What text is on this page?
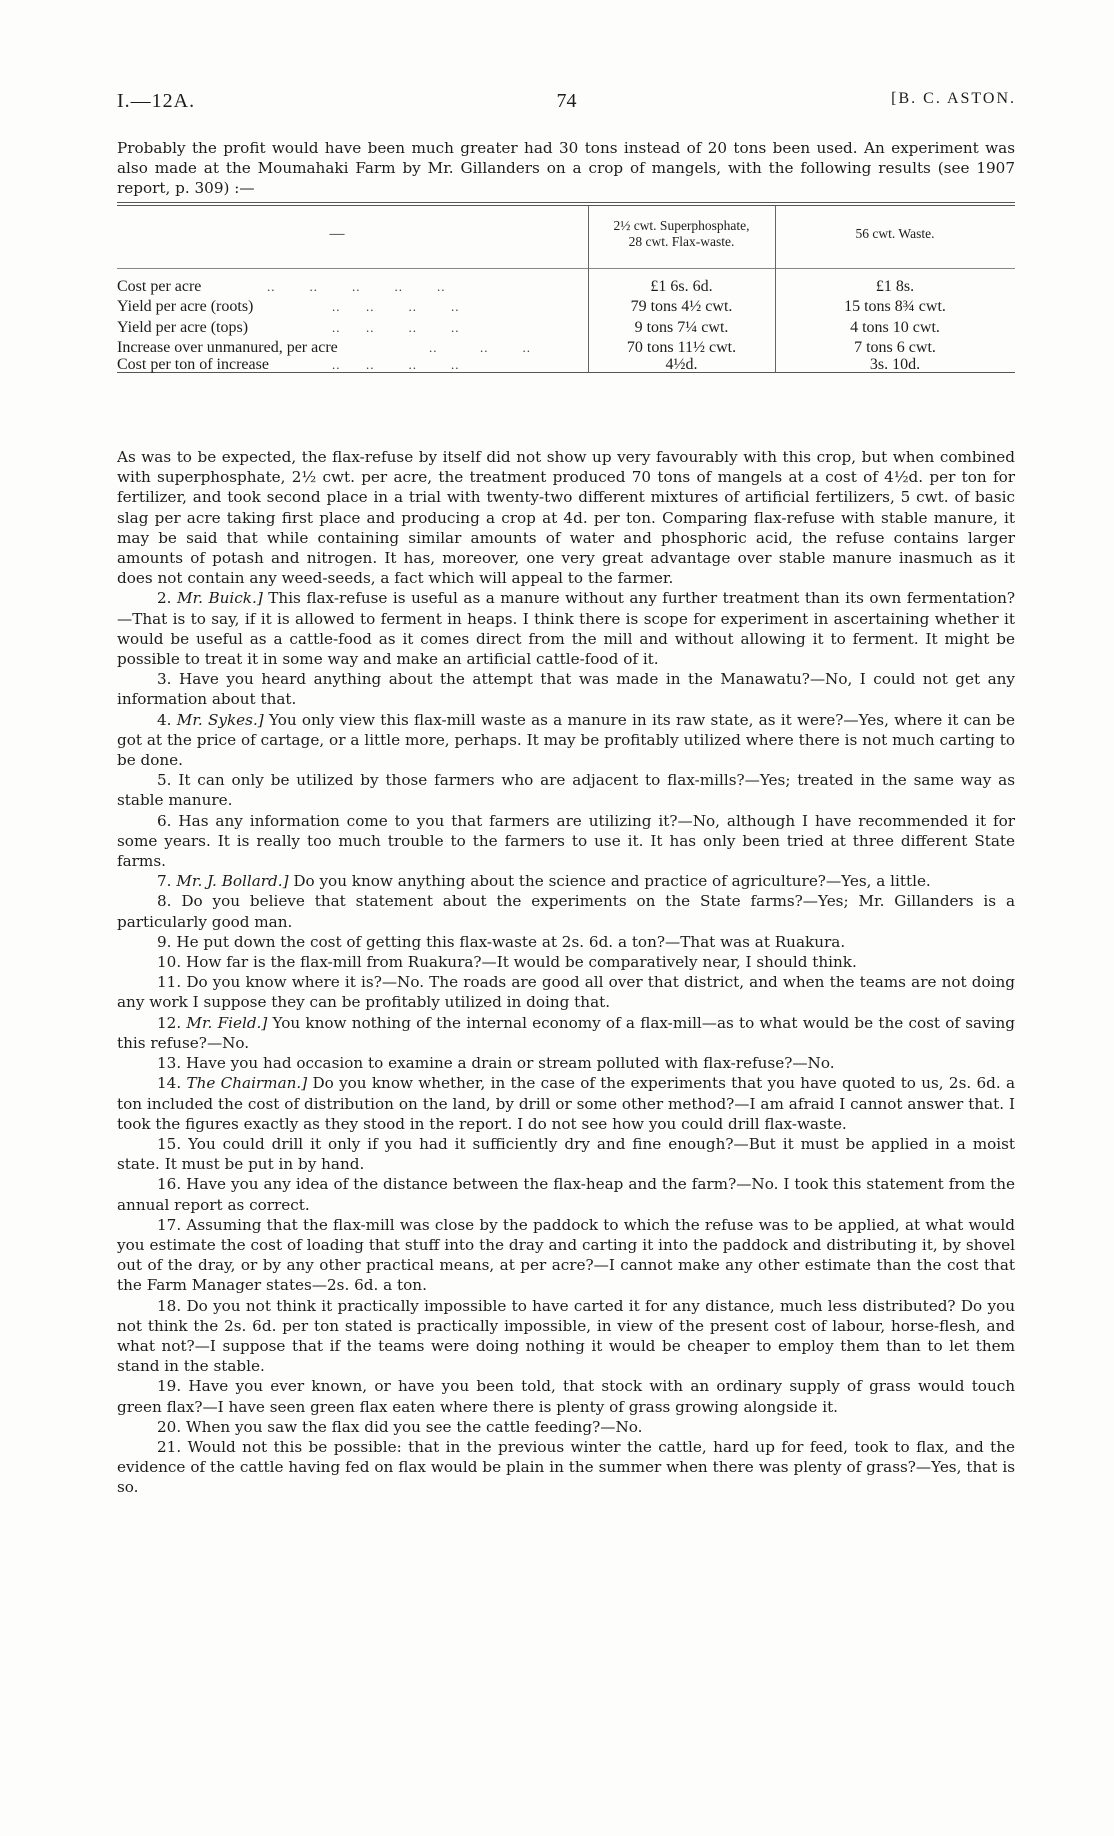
I.—12A.	74	[B. C. ASTON.

Probably the profit would have been much greater had 30 tons instead of 20 tons been used. An experiment was also made at the Moumahaki Farm by Mr. Gillanders on a crop of mangels, with the following results (see 1907 report, p. 309) :—

—
2½ cwt. Superphosphate,
28 cwt. Flax-waste.
56 cwt. Waste.
Cost per acre
Yield per acre (roots)
Yield per acre (tops)
Increase over unmanured, per acre
Cost per ton of increase
..        ..        ..        ..        ..
..      ..        ..        ..
..      ..        ..        ..
..          ..        ..
..      ..        ..        ..
£1 6s. 6d.
79 tons 4½ cwt.
9 tons 7¼ cwt.
70 tons 11½ cwt.
4½d.
£1 8s.
15 tons 8¾ cwt.
4 tons 10 cwt.
7 tons 6 cwt.
3s. 10d.

As was to be expected, the flax-refuse by itself did not show up very favourably with this crop, but when combined with superphosphate, 2½ cwt. per acre, the treatment produced 70 tons of mangels at a cost of 4½d. per ton for fertilizer, and took second place in a trial with twenty-two different mixtures of artificial fertilizers, 5 cwt. of basic slag per acre taking first place and producing a crop at 4d. per ton. Comparing flax-refuse with stable manure, it may be said that while containing similar amounts of water and phosphoric acid, the refuse contains larger amounts of potash and nitrogen. It has, moreover, one very great advantage over stable manure inasmuch as it does not contain any weed-seeds, a fact which will appeal to the farmer.

2. Mr. Buick.] This flax-refuse is useful as a manure without any further treatment than its own fermentation?—That is to say, if it is allowed to ferment in heaps. I think there is scope for experiment in ascertaining whether it would be useful as a cattle-food as it comes direct from the mill and without allowing it to ferment. It might be possible to treat it in some way and make an artificial cattle-food of it.

3. Have you heard anything about the attempt that was made in the Manawatu?—No, I could not get any information about that.

4. Mr. Sykes.] You only view this flax-mill waste as a manure in its raw state, as it were?—Yes, where it can be got at the price of cartage, or a little more, perhaps. It may be profitably utilized where there is not much carting to be done.

5. It can only be utilized by those farmers who are adjacent to flax-mills?—Yes; treated in the same way as stable manure.

6. Has any information come to you that farmers are utilizing it?—No, although I have recommended it for some years. It is really too much trouble to the farmers to use it. It has only been tried at three different State farms.

7. Mr. J. Bollard.] Do you know anything about the science and practice of agriculture?—Yes, a little.

8. Do you believe that statement about the experiments on the State farms?—Yes; Mr. Gillanders is a particularly good man.

9. He put down the cost of getting this flax-waste at 2s. 6d. a ton?—That was at Ruakura.

10. How far is the flax-mill from Ruakura?—It would be comparatively near, I should think.

11. Do you know where it is?—No. The roads are good all over that district, and when the teams are not doing any work I suppose they can be profitably utilized in doing that.

12. Mr. Field.] You know nothing of the internal economy of a flax-mill—as to what would be the cost of saving this refuse?—No.

13. Have you had occasion to examine a drain or stream polluted with flax-refuse?—No.

14. The Chairman.] Do you know whether, in the case of the experiments that you have quoted to us, 2s. 6d. a ton included the cost of distribution on the land, by drill or some other method?—I am afraid I cannot answer that. I took the figures exactly as they stood in the report. I do not see how you could drill flax-waste.

15. You could drill it only if you had it sufficiently dry and fine enough?—But it must be applied in a moist state. It must be put in by hand.

16. Have you any idea of the distance between the flax-heap and the farm?—No. I took this statement from the annual report as correct.

17. Assuming that the flax-mill was close by the paddock to which the refuse was to be applied, at what would you estimate the cost of loading that stuff into the dray and carting it into the paddock and distributing it, by shovel out of the dray, or by any other practical means, at per acre?—I cannot make any other estimate than the cost that the Farm Manager states—2s. 6d. a ton.

18. Do you not think it practically impossible to have carted it for any distance, much less distributed? Do you not think the 2s. 6d. per ton stated is practically impossible, in view of the present cost of labour, horse-flesh, and what not?—I suppose that if the teams were doing nothing it would be cheaper to employ them than to let them stand in the stable.

19. Have you ever known, or have you been told, that stock with an ordinary supply of grass would touch green flax?—I have seen green flax eaten where there is plenty of grass growing alongside it.

20. When you saw the flax did you see the cattle feeding?—No.

21. Would not this be possible: that in the previous winter the cattle, hard up for feed, took to flax, and the evidence of the cattle having fed on flax would be plain in the summer when there was plenty of grass?—Yes, that is so.
